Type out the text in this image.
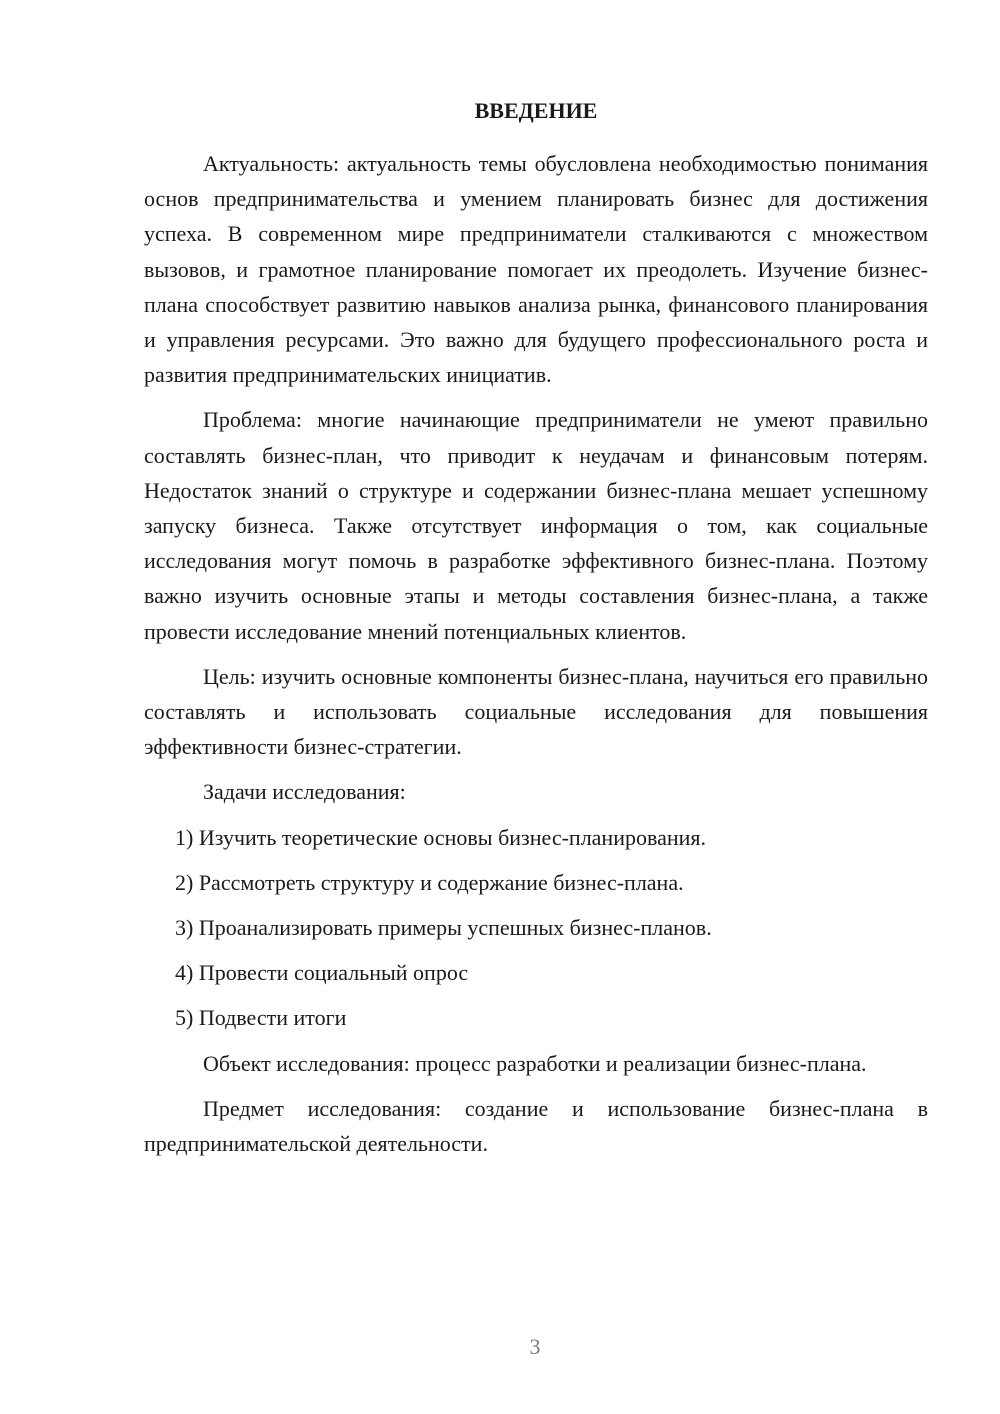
ВВЕДЕНИЕ

Актуальность: актуальность темы обусловлена необходимостью понимания основ предпринимательства и умением планировать бизнес для достижения успеха. В современном мире предприниматели сталкиваются с множеством вызовов, и грамотное планирование помогает их преодолеть. Изучение бизнес-плана способствует развитию навыков анализа рынка, финансового планирования и управления ресурсами. Это важно для будущего профессионального роста и развития предпринимательских инициатив.

Проблема: многие начинающие предприниматели не умеют правильно составлять бизнес-план, что приводит к неудачам и финансовым потерям. Недостаток знаний о структуре и содержании бизнес-плана мешает успешному запуску бизнеса. Также отсутствует информация о том, как социальные исследования могут помочь в разработке эффективного бизнес-плана. Поэтому важно изучить основные этапы и методы составления бизнес-плана, а также провести исследование мнений потенциальных клиентов.

Цель: изучить основные компоненты бизнес-плана, научиться его правильно составлять и использовать социальные исследования для повышения эффективности бизнес-стратегии.

Задачи исследования:

1) Изучить теоретические основы бизнес-планирования.

2) Рассмотреть структуру и содержание бизнес-плана.

3) Проанализировать примеры успешных бизнес-планов.

4) Провести социальный опрос

5) Подвести итоги

Объект исследования: процесс разработки и реализации бизнес-плана.

Предмет исследования: создание и использование бизнес-плана в предпринимательской деятельности.

3
